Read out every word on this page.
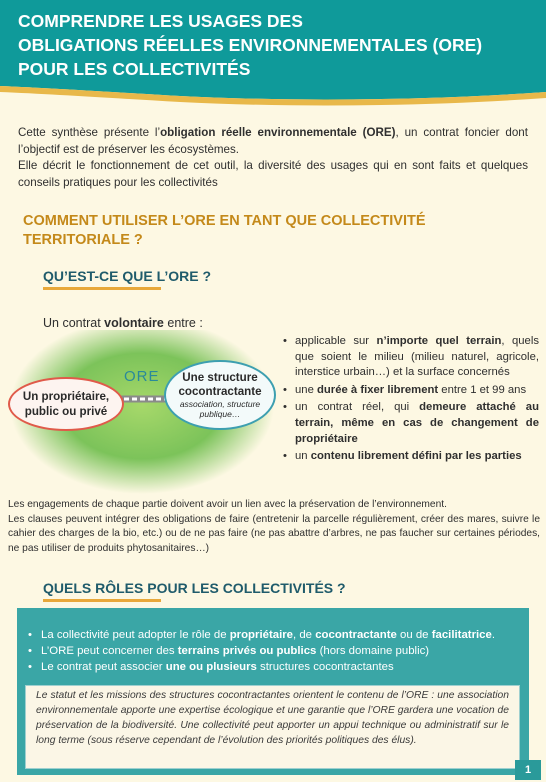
COMPRENDRE LES USAGES DES
OBLIGATIONS RÉELLES ENVIRONNEMENTALES (ORE)
POUR LES COLLECTIVITÉS

Cette synthèse présente l’obligation réelle environnementale (ORE), un contrat foncier dont l’objectif est de préserver les écosystèmes.

Elle décrit le fonctionnement de cet outil, la diversité des usages qui en sont faits et quelques conseils pratiques pour les collectivités

COMMENT UTILISER L’ORE EN TANT QUE COLLECTIVITÉ
TERRITORIALE ?
QU’EST-CE QUE L’ORE ?
Un contrat volontaire entre :
ORE
Un propriétaire, public ou privé
Une structure cocontractante
association, structure publique…
• applicable sur n’importe quel terrain, quels que soient le milieu (milieu naturel, agricole, interstice urbain…) et la surface concernés
• une durée à fixer librement entre 1 et 99 ans
• un contrat réel, qui demeure attaché au terrain, même en cas de changement de propriétaire
• un contenu librement défini par les parties

Les engagements de chaque partie doivent avoir un lien avec la préservation de l’environnement.

Les clauses peuvent intégrer des obligations de faire (entretenir la parcelle régulièrement, créer des mares, suivre le cahier des charges de la bio, etc.) ou de ne pas faire (ne pas abattre d’arbres, ne pas faucher sur certaines périodes, ne pas utiliser de produits phytosanitaires…)

QUELS RÔLES POUR LES COLLECTIVITÉS ?
• La collectivité peut adopter le rôle de propriétaire, de cocontractante ou de facilitatrice.
• L’ORE peut concerner des terrains privés ou publics (hors domaine public)
• Le contrat peut associer une ou plusieurs structures cocontractantes
Le statut et les missions des structures cocontractantes orientent le contenu de l’ORE : une association environnementale apporte une expertise écologique et une garantie que l’ORE gardera une vocation de préservation de la biodiversité. Une collectivité peut apporter un appui technique ou administratif sur le long terme (sous réserve cependant de l’évolution des priorités politiques des élus).
1
